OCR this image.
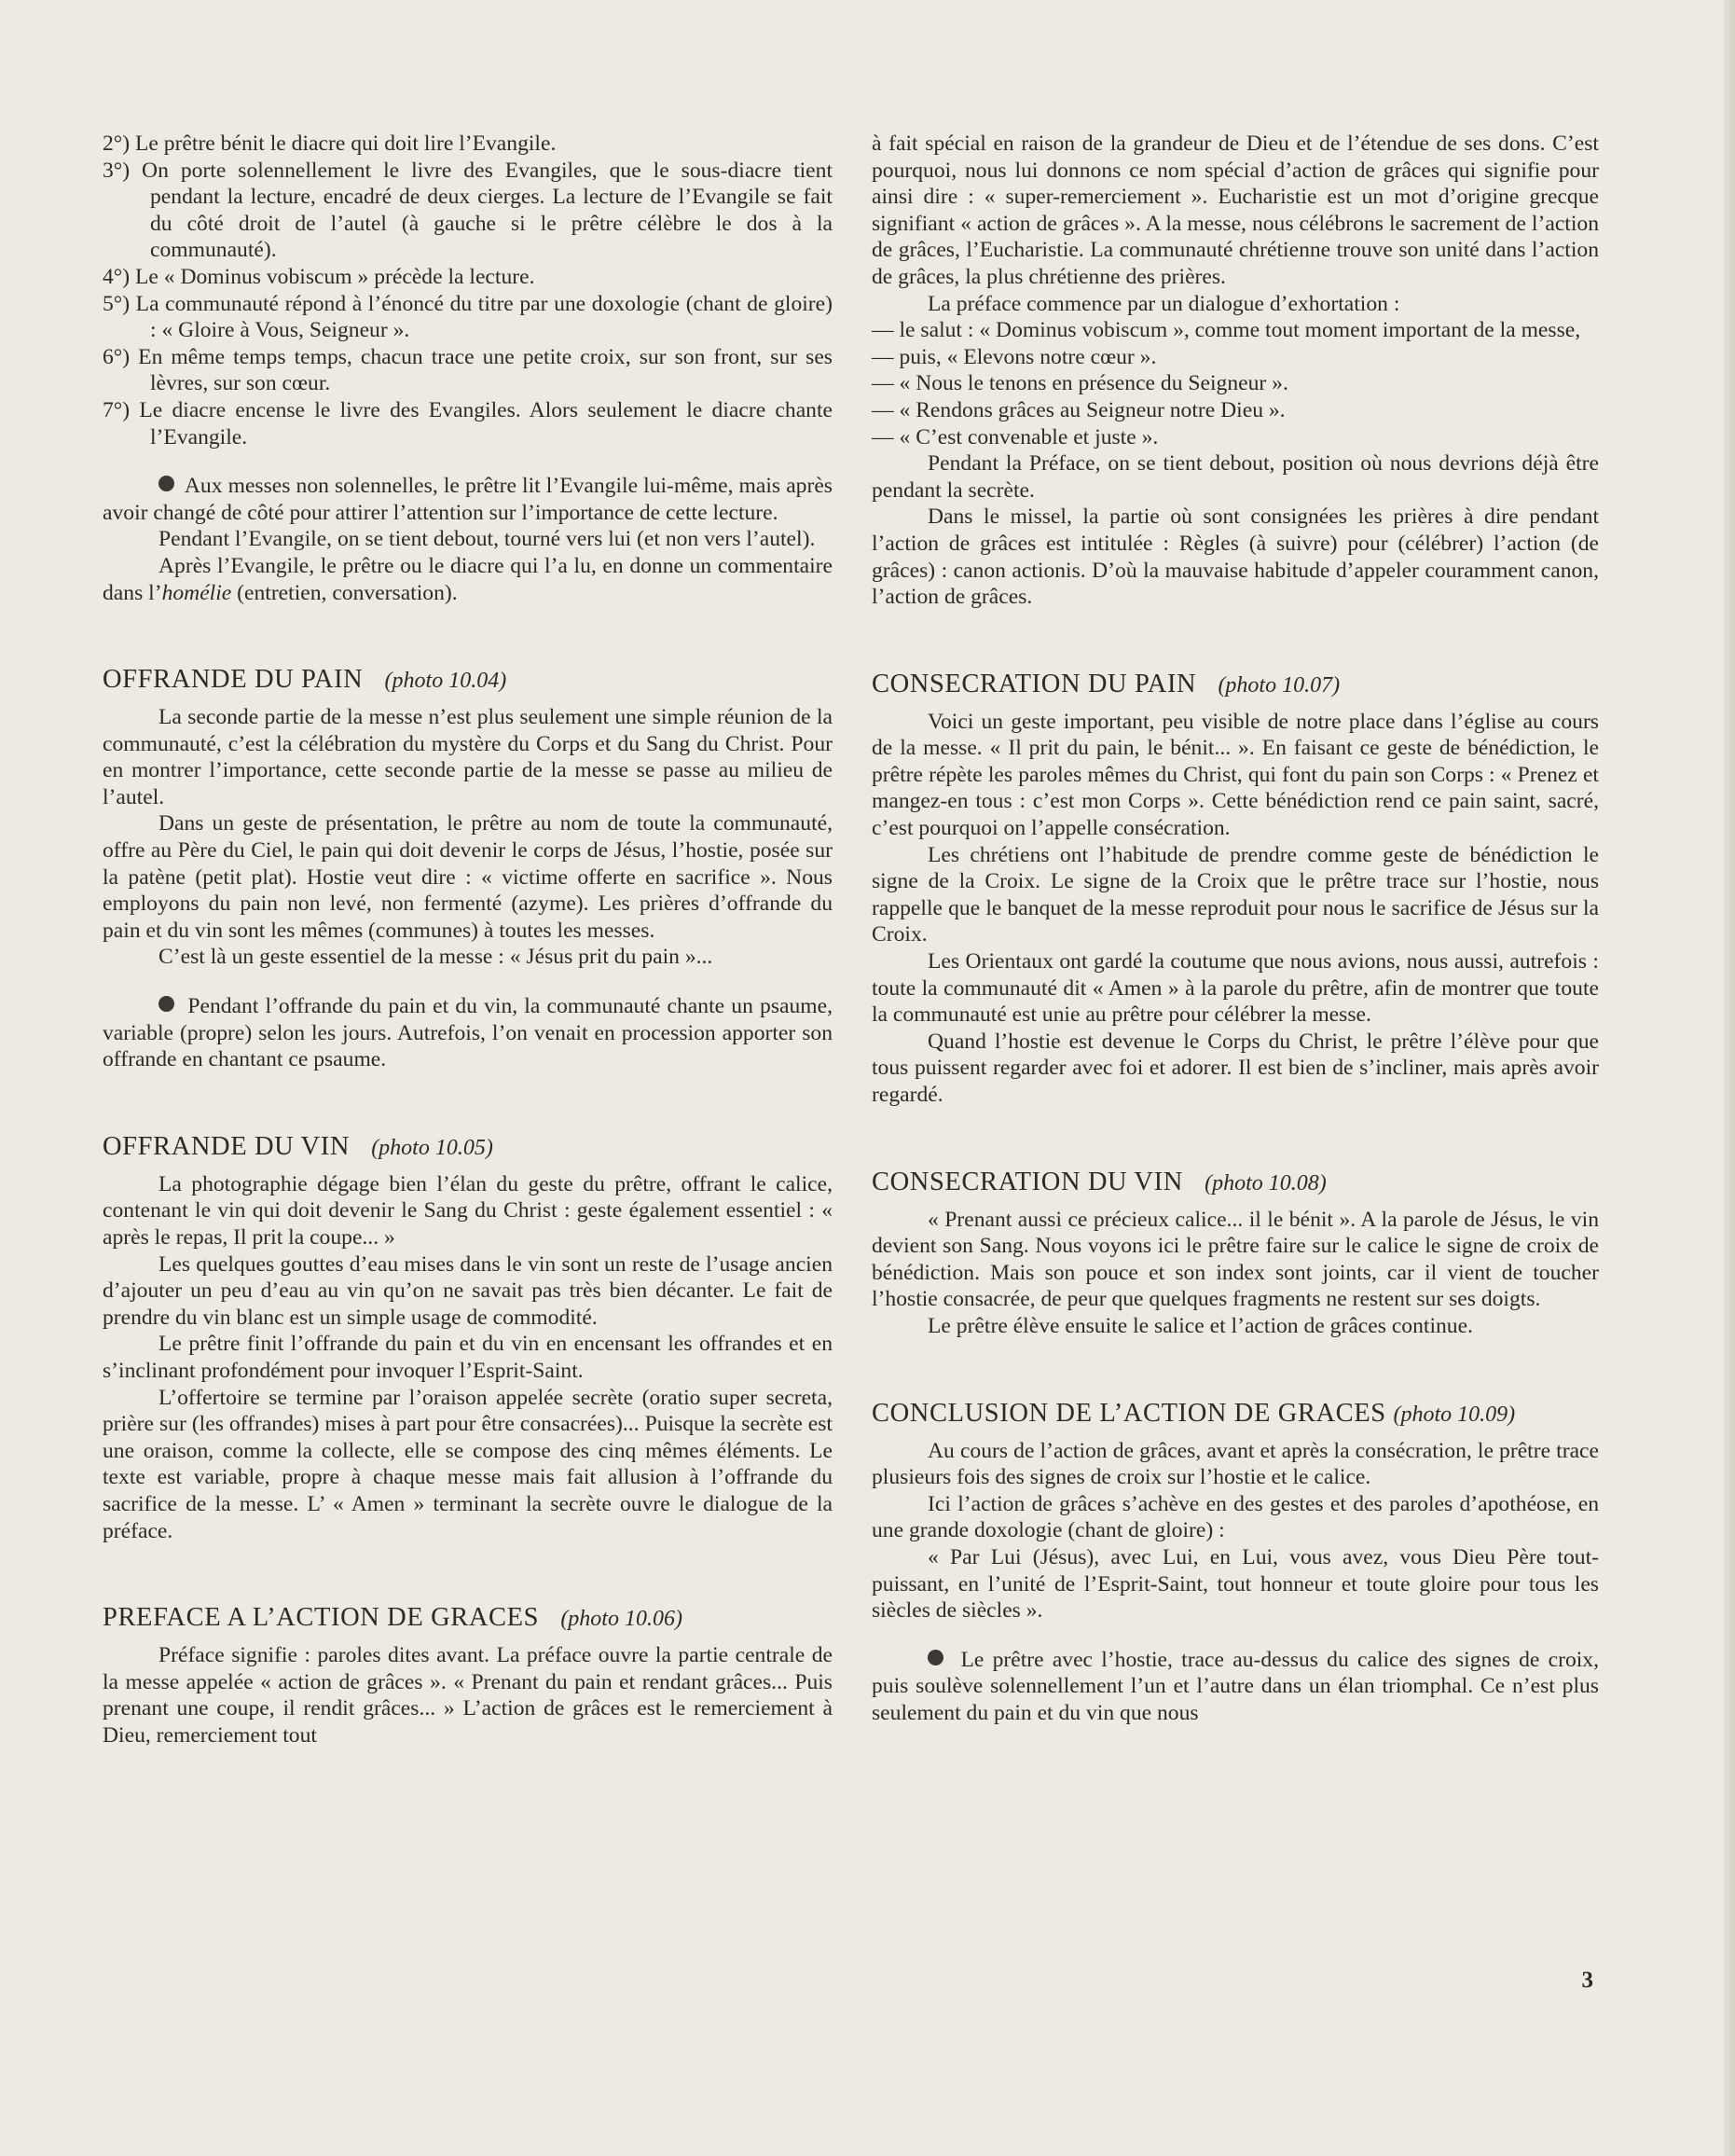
2°) Le prêtre bénit le diacre qui doit lire l’Evangile.

3°) On porte solennellement le livre des Evangiles, que le sous-diacre tient pendant la lecture, encadré de deux cierges. La lecture de l’Evangile se fait du côté droit de l’autel (à gauche si le prêtre célèbre le dos à la communauté).

4°) Le « Dominus vobiscum » précède la lecture.

5°) La communauté répond à l’énoncé du titre par une doxologie (chant de gloire) : « Gloire à Vous, Seigneur ».

6°) En même temps temps, chacun trace une petite croix, sur son front, sur ses lèvres, sur son cœur.

7°) Le diacre encense le livre des Evangiles. Alors seulement le diacre chante l’Evangile.

Aux messes non solennelles, le prêtre lit l’Evangile lui-même, mais après avoir changé de côté pour attirer l’attention sur l’importance de cette lecture.

Pendant l’Evangile, on se tient debout, tourné vers lui (et non vers l’autel).

Après l’Evangile, le prêtre ou le diacre qui l’a lu, en donne un commentaire dans l’homélie (entretien, conversation).

OFFRANDE DU PAIN (photo 10.04)

La seconde partie de la messe n’est plus seulement une simple réunion de la communauté, c’est la célébration du mystère du Corps et du Sang du Christ. Pour en montrer l’importance, cette seconde partie de la messe se passe au milieu de l’autel.

Dans un geste de présentation, le prêtre au nom de toute la communauté, offre au Père du Ciel, le pain qui doit devenir le corps de Jésus, l’hostie, posée sur la patène (petit plat). Hostie veut dire : « victime offerte en sacrifice ». Nous employons du pain non levé, non fermenté (azyme). Les prières d’offrande du pain et du vin sont les mêmes (communes) à toutes les messes.

C’est là un geste essentiel de la messe : « Jésus prit du pain »...

Pendant l’offrande du pain et du vin, la communauté chante un psaume, variable (propre) selon les jours. Autrefois, l’on venait en procession apporter son offrande en chantant ce psaume.

OFFRANDE DU VIN (photo 10.05)

La photographie dégage bien l’élan du geste du prêtre, offrant le calice, contenant le vin qui doit devenir le Sang du Christ : geste également essentiel : « après le repas, Il prit la coupe... »

Les quelques gouttes d’eau mises dans le vin sont un reste de l’usage ancien d’ajouter un peu d’eau au vin qu’on ne savait pas très bien décanter. Le fait de prendre du vin blanc est un simple usage de commodité.

Le prêtre finit l’offrande du pain et du vin en encensant les offrandes et en s’inclinant profondément pour invoquer l’Esprit-Saint.

L’offertoire se termine par l’oraison appelée secrète (oratio super secreta, prière sur (les offrandes) mises à part pour être consacrées)... Puisque la secrète est une oraison, comme la collecte, elle se compose des cinq mêmes éléments. Le texte est variable, propre à chaque messe mais fait allusion à l’offrande du sacrifice de la messe. L’ « Amen » terminant la secrète ouvre le dialogue de la préface.

PREFACE A L’ACTION DE GRACES (photo 10.06)

Préface signifie : paroles dites avant. La préface ouvre la partie centrale de la messe appelée « action de grâces ». « Prenant du pain et rendant grâces... Puis prenant une coupe, il rendit grâces... » L’action de grâces est le remerciement à Dieu, remerciement tout

à fait spécial en raison de la grandeur de Dieu et de l’étendue de ses dons. C’est pourquoi, nous lui donnons ce nom spécial d’action de grâces qui signifie pour ainsi dire : « super-remerciement ». Eucharistie est un mot d’origine grecque signifiant « action de grâces ». A la messe, nous célébrons le sacrement de l’action de grâces, l’Eucharistie. La communauté chrétienne trouve son unité dans l’action de grâces, la plus chrétienne des prières.

La préface commence par un dialogue d’exhortation :

— le salut : « Dominus vobiscum », comme tout moment important de la messe,

— puis, « Elevons notre cœur ».

— « Nous le tenons en présence du Seigneur ».

— « Rendons grâces au Seigneur notre Dieu ».

— « C’est convenable et juste ».

Pendant la Préface, on se tient debout, position où nous devrions déjà être pendant la secrète.

Dans le missel, la partie où sont consignées les prières à dire pendant l’action de grâces est intitulée : Règles (à suivre) pour (célébrer) l’action (de grâces) : canon actionis. D’où la mauvaise habitude d’appeler couramment canon, l’action de grâces.

CONSECRATION DU PAIN (photo 10.07)

Voici un geste important, peu visible de notre place dans l’église au cours de la messe. « Il prit du pain, le bénit... ». En faisant ce geste de bénédiction, le prêtre répète les paroles mêmes du Christ, qui font du pain son Corps : « Prenez et mangez-en tous : c’est mon Corps ». Cette bénédiction rend ce pain saint, sacré, c’est pourquoi on l’appelle consécration.

Les chrétiens ont l’habitude de prendre comme geste de bénédiction le signe de la Croix. Le signe de la Croix que le prêtre trace sur l’hostie, nous rappelle que le banquet de la messe reproduit pour nous le sacrifice de Jésus sur la Croix.

Les Orientaux ont gardé la coutume que nous avions, nous aussi, autrefois : toute la communauté dit « Amen » à la parole du prêtre, afin de montrer que toute la communauté est unie au prêtre pour célébrer la messe.

Quand l’hostie est devenue le Corps du Christ, le prêtre l’élève pour que tous puissent regarder avec foi et adorer. Il est bien de s’incliner, mais après avoir regardé.

CONSECRATION DU VIN (photo 10.08)

« Prenant aussi ce précieux calice... il le bénit ». A la parole de Jésus, le vin devient son Sang. Nous voyons ici le prêtre faire sur le calice le signe de croix de bénédiction. Mais son pouce et son index sont joints, car il vient de toucher l’hostie consacrée, de peur que quelques fragments ne restent sur ses doigts.

Le prêtre élève ensuite le salice et l’action de grâces continue.

CONCLUSION DE L’ACTION DE GRACES (photo 10.09)

Au cours de l’action de grâces, avant et après la consécration, le prêtre trace plusieurs fois des signes de croix sur l’hostie et le calice.

Ici l’action de grâces s’achève en des gestes et des paroles d’apothéose, en une grande doxologie (chant de gloire) :

« Par Lui (Jésus), avec Lui, en Lui, vous avez, vous Dieu Père tout-puissant, en l’unité de l’Esprit-Saint, tout honneur et toute gloire pour tous les siècles de siècles ».

Le prêtre avec l’hostie, trace au-dessus du calice des signes de croix, puis soulève solennellement l’un et l’autre dans un élan triomphal. Ce n’est plus seulement du pain et du vin que nous

3
